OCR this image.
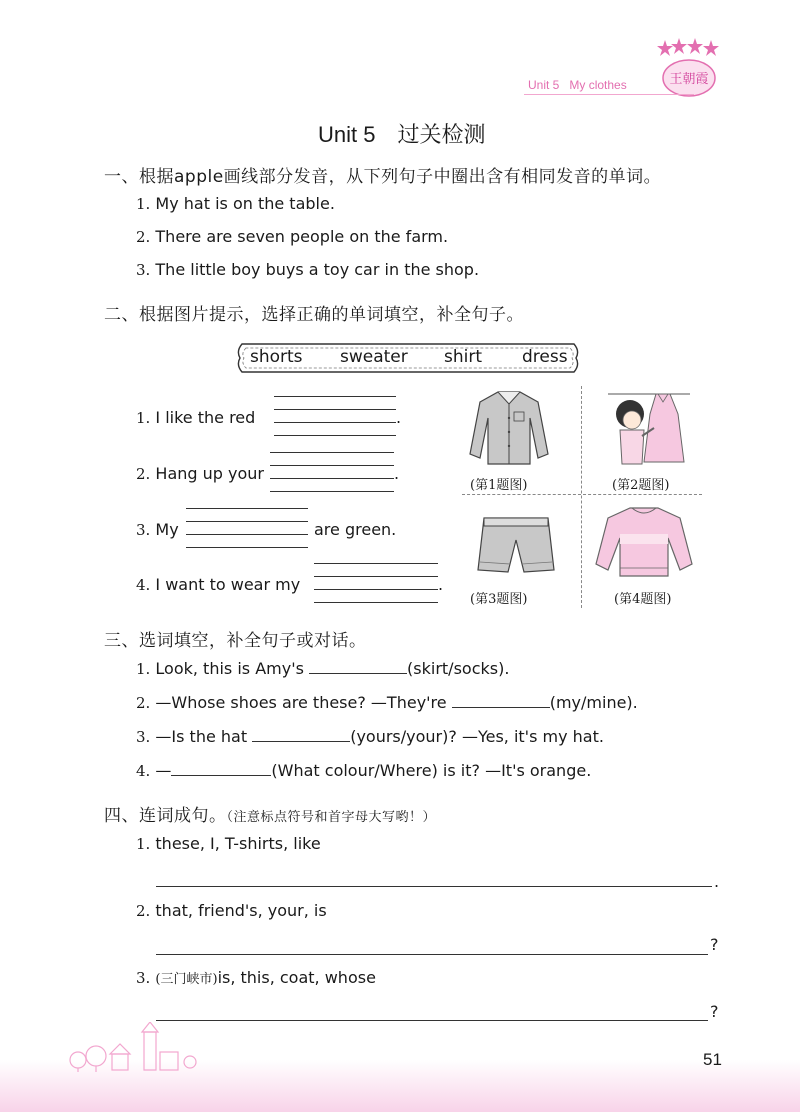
王朝霞
Unit 5 My clothes
Unit 5　过关检测
一、根据apple画线部分发音，从下列句子中圈出含有相同发音的单词。
1. My hat is on the table.
2. There are seven people on the farm.
3. The little boy buys a toy car in the shop.
二、根据图片提示，选择正确的单词填空，补全句子。
shorts sweater shirt dress
1. I like the red	.
2. Hang up your	.
3. My	are green.
4. I want to wear my	.
(第1题图)	(第2题图)
(第3题图)	(第4题图)
三、选词填空，补全句子或对话。
1. Look, this is Amy's	(skirt/socks).
2. —Whose shoes are these? —They're	(my/mine).
3. —Is the hat	(yours/your)? —Yes, it's my hat.
4. —	(What colour/Where) is it? —It's orange.
四、连词成句。（注意标点符号和首字母大写哟！）
1. these, I, T-shirts, like
.
2. that, friend's, your, is
?
3. (三门峡市)is, this, coat, whose
?
51
